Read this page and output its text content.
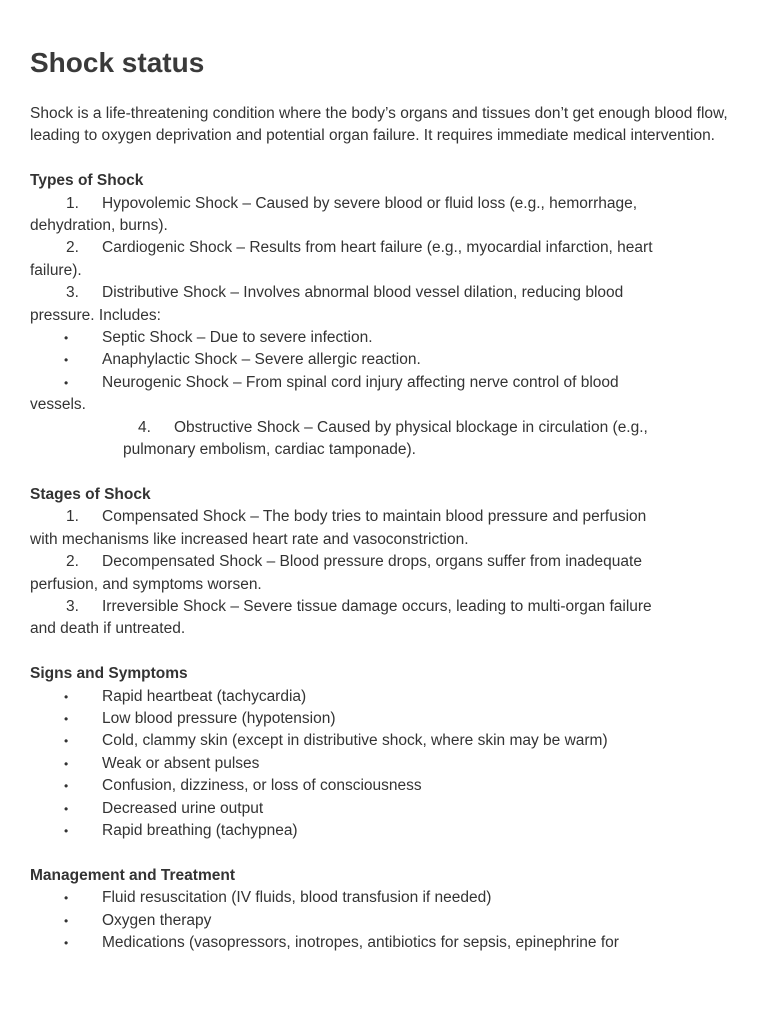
Shock status

Shock is a life-threatening condition where the body’s organs and tissues don’t get enough blood flow, leading to oxygen deprivation and potential organ failure. It requires immediate medical intervention.

Types of Shock

1. Hypovolemic Shock – Caused by severe blood or fluid loss (e.g., hemorrhage,

dehydration, burns).

2. Cardiogenic Shock – Results from heart failure (e.g., myocardial infarction, heart

failure).

3. Distributive Shock – Involves abnormal blood vessel dilation, reducing blood

pressure. Includes:

• Septic Shock – Due to severe infection.

• Anaphylactic Shock – Severe allergic reaction.

• Neurogenic Shock – From spinal cord injury affecting nerve control of blood

vessels.

4. Obstructive Shock – Caused by physical blockage in circulation (e.g.,

pulmonary embolism, cardiac tamponade).

Stages of Shock

1. Compensated Shock – The body tries to maintain blood pressure and perfusion

with mechanisms like increased heart rate and vasoconstriction.

2. Decompensated Shock – Blood pressure drops, organs suffer from inadequate

perfusion, and symptoms worsen.

3. Irreversible Shock – Severe tissue damage occurs, leading to multi-organ failure

and death if untreated.

Signs and Symptoms

• Rapid heartbeat (tachycardia)

• Low blood pressure (hypotension)

• Cold, clammy skin (except in distributive shock, where skin may be warm)

• Weak or absent pulses

• Confusion, dizziness, or loss of consciousness

• Decreased urine output

• Rapid breathing (tachypnea)

Management and Treatment

• Fluid resuscitation (IV fluids, blood transfusion if needed)

• Oxygen therapy

• Medications (vasopressors, inotropes, antibiotics for sepsis, epinephrine for
